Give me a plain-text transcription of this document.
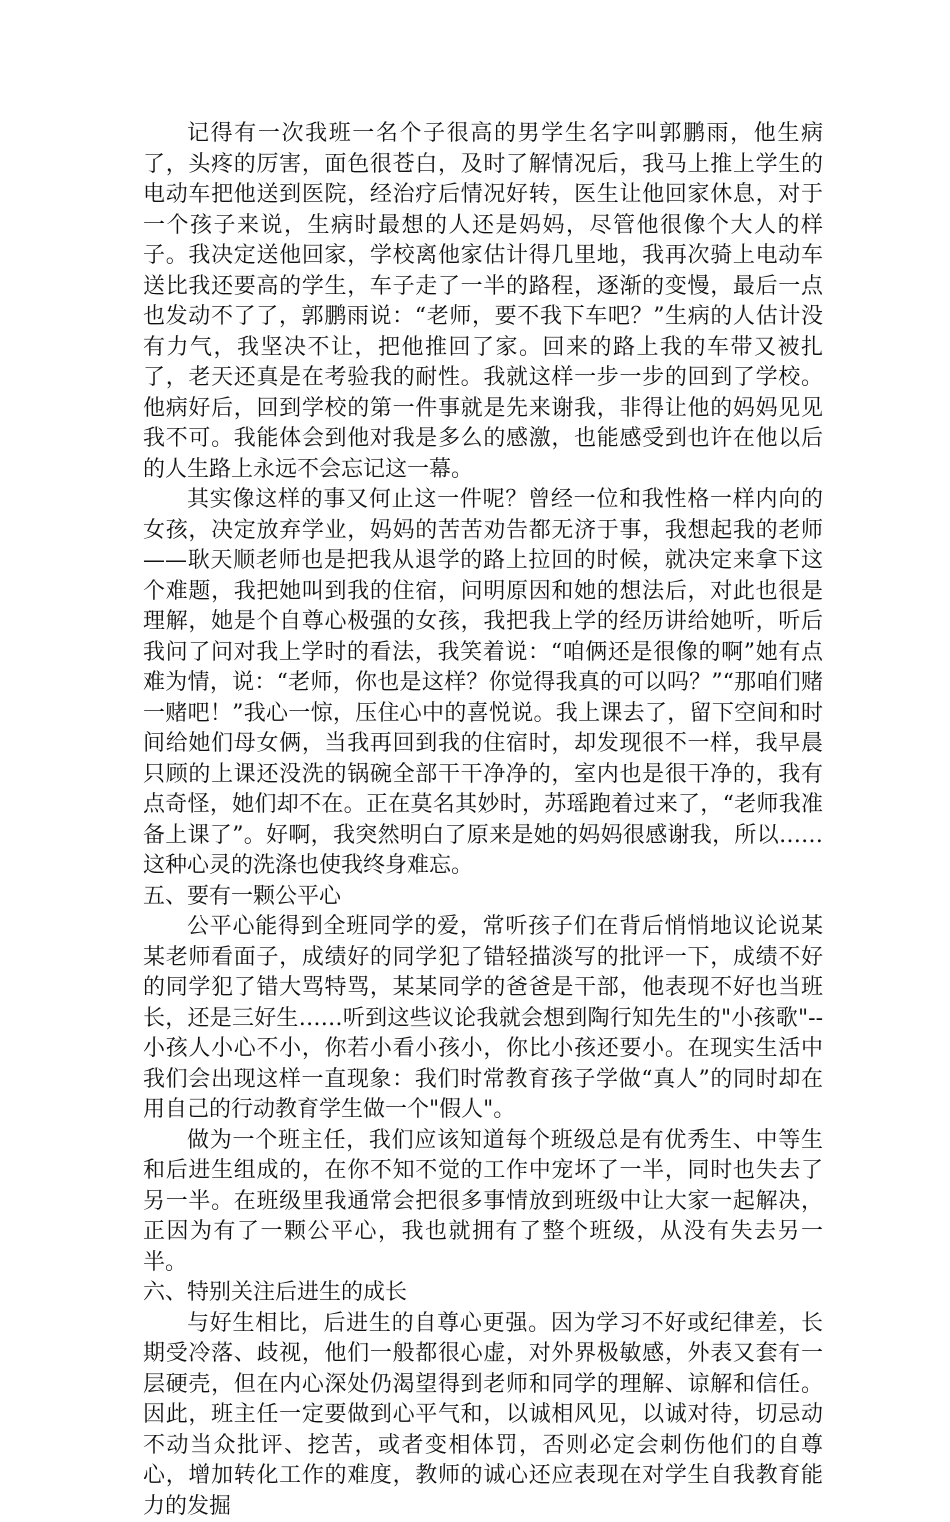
记得有一次我班一名个子很高的男学生名字叫郭鹏雨，他生病了，头疼的厉害，面色很苍白，及时了解情况后，我马上推上学生的电动车把他送到医院，经治疗后情况好转，医生让他回家休息，对于一个孩子来说，生病时最想的人还是妈妈，尽管他很像个大人的样子。我决定送他回家，学校离他家估计得几里地，我再次骑上电动车送比我还要高的学生，车子走了一半的路程，逐渐的变慢，最后一点也发动不了了，郭鹏雨说：“老师，要不我下车吧？”生病的人估计没有力气，我坚决不让，把他推回了家。回来的路上我的车带又被扎了，老天还真是在考验我的耐性。我就这样一步一步的回到了学校。他病好后，回到学校的第一件事就是先来谢我，非得让他的妈妈见见我不可。我能体会到他对我是多么的感激，也能感受到也许在他以后的人生路上永远不会忘记这一幕。

其实像这样的事又何止这一件呢？曾经一位和我性格一样内向的女孩，决定放弃学业，妈妈的苦苦劝告都无济于事，我想起我的老师——耿天顺老师也是把我从退学的路上拉回的时候，就决定来拿下这个难题，我把她叫到我的住宿，问明原因和她的想法后，对此也很是理解，她是个自尊心极强的女孩，我把我上学的经历讲给她听，听后我问了问对我上学时的看法，我笑着说：“咱俩还是很像的啊”她有点难为情，说：“老师，你也是这样？你觉得我真的可以吗？”“那咱们赌一赌吧！”我心一惊，压住心中的喜悦说。我上课去了，留下空间和时间给她们母女俩，当我再回到我的住宿时，却发现很不一样，我早晨只顾的上课还没洗的锅碗全部干干净净的，室内也是很干净的，我有点奇怪，她们却不在。正在莫名其妙时，苏瑶跑着过来了，“老师我准备上课了”。好啊，我突然明白了原来是她的妈妈很感谢我，所以…… 这种心灵的洗涤也使我终身难忘。

五、要有一颗公平心

公平心能得到全班同学的爱，常听孩子们在背后悄悄地议论说某某老师看面子，成绩好的同学犯了错轻描淡写的批评一下，成绩不好的同学犯了错大骂特骂，某某同学的爸爸是干部，他表现不好也当班长，还是三好生……听到这些议论我就会想到陶行知先生的"小孩歌"--小孩人小心不小，你若小看小孩小，你比小孩还要小。在现实生活中我们会出现这样一直现象：我们时常教育孩子学做“真人”的同时却在用自己的行动教育学生做一个"假人"。

做为一个班主任，我们应该知道每个班级总是有优秀生、中等生和后进生组成的，在你不知不觉的工作中宠坏了一半，同时也失去了另一半。在班级里我通常会把很多事情放到班级中让大家一起解决，正因为有了一颗公平心，我也就拥有了整个班级，从没有失去另一半。

六、特别关注后进生的成长

与好生相比，后进生的自尊心更强。因为学习不好或纪律差，长期受冷落、歧视，他们一般都很心虚，对外界极敏感，外表又套有一层硬壳，但在内心深处仍渴望得到老师和同学的理解、谅解和信任。因此，班主任一定要做到心平气和，以诚相风见，以诚对待，切忌动不动当众批评、挖苦，或者变相体罚，否则必定会刺伤他们的自尊心，增加转化工作的难度，教师的诚心还应表现在对学生自我教育能力的发掘
